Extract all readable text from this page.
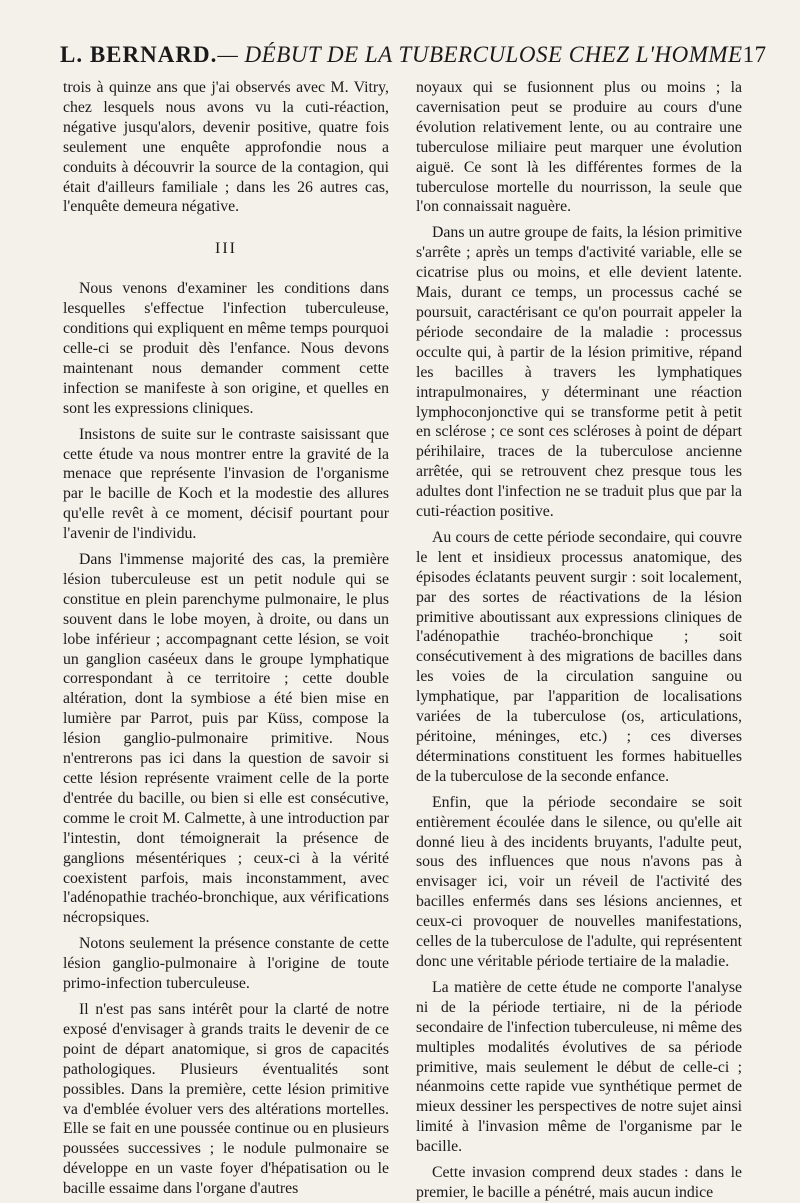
L. BERNARD. — DÉBUT DE LA TUBERCULOSE CHEZ L'HOMME 17

trois à quinze ans que j'ai observés avec M. Vitry, chez lesquels nous avons vu la cuti-réaction, négative jusqu'alors, devenir positive, quatre fois seulement une enquête approfondie nous a conduits à découvrir la source de la contagion, qui était d'ailleurs familiale ; dans les 26 autres cas, l'enquête demeura négative.

III

Nous venons d'examiner les conditions dans lesquelles s'effectue l'infection tuberculeuse, conditions qui expliquent en même temps pourquoi celle-ci se produit dès l'enfance. Nous devons maintenant nous demander comment cette infection se manifeste à son origine, et quelles en sont les expressions cliniques.

Insistons de suite sur le contraste saisissant que cette étude va nous montrer entre la gravité de la menace que représente l'invasion de l'organisme par le bacille de Koch et la modestie des allures qu'elle revêt à ce moment, décisif pourtant pour l'avenir de l'individu.

Dans l'immense majorité des cas, la première lésion tuberculeuse est un petit nodule qui se constitue en plein parenchyme pulmonaire, le plus souvent dans le lobe moyen, à droite, ou dans un lobe inférieur ; accompagnant cette lésion, se voit un ganglion caséeux dans le groupe lymphatique correspondant à ce territoire ; cette double altération, dont la symbiose a été bien mise en lumière par Parrot, puis par Küss, compose la lésion ganglio-pulmonaire primitive. Nous n'entrerons pas ici dans la question de savoir si cette lésion représente vraiment celle de la porte d'entrée du bacille, ou bien si elle est consécutive, comme le croit M. Calmette, à une introduction par l'intestin, dont témoignerait la présence de ganglions mésentériques ; ceux-ci à la vérité coexistent parfois, mais inconstamment, avec l'adénopathie trachéo-bronchique, aux vérifications nécropsiques.

Notons seulement la présence constante de cette lésion ganglio-pulmonaire à l'origine de toute primo-infection tuberculeuse.

Il n'est pas sans intérêt pour la clarté de notre exposé d'envisager à grands traits le devenir de ce point de départ anatomique, si gros de capacités pathologiques. Plusieurs éventualités sont possibles. Dans la première, cette lésion primitive va d'emblée évoluer vers des altérations mortelles. Elle se fait en une poussée continue ou en plusieurs poussées successives ; le nodule pulmonaire se développe en un vaste foyer d'hépatisation ou le bacille essaime dans l'organe d'autres

noyaux qui se fusionnent plus ou moins ; la cavernisation peut se produire au cours d'une évolution relativement lente, ou au contraire une tuberculose miliaire peut marquer une évolution aiguë. Ce sont là les différentes formes de la tuberculose mortelle du nourrisson, la seule que l'on connaissait naguère.

Dans un autre groupe de faits, la lésion primitive s'arrête ; après un temps d'activité variable, elle se cicatrise plus ou moins, et elle devient latente. Mais, durant ce temps, un processus caché se poursuit, caractérisant ce qu'on pourrait appeler la période secondaire de la maladie : processus occulte qui, à partir de la lésion primitive, répand les bacilles à travers les lymphatiques intrapulmonaires, y déterminant une réaction lymphoconjonctive qui se transforme petit à petit en sclérose ; ce sont ces scléroses à point de départ périhilaire, traces de la tuberculose ancienne arrêtée, qui se retrouvent chez presque tous les adultes dont l'infection ne se traduit plus que par la cuti-réaction positive.

Au cours de cette période secondaire, qui couvre le lent et insidieux processus anatomique, des épisodes éclatants peuvent surgir : soit localement, par des sortes de réactivations de la lésion primitive aboutissant aux expressions cliniques de l'adénopathie trachéo-bronchique ; soit consécutivement à des migrations de bacilles dans les voies de la circulation sanguine ou lymphatique, par l'apparition de localisations variées de la tuberculose (os, articulations, péritoine, méninges, etc.) ; ces diverses déterminations constituent les formes habituelles de la tuberculose de la seconde enfance.

Enfin, que la période secondaire se soit entièrement écoulée dans le silence, ou qu'elle ait donné lieu à des incidents bruyants, l'adulte peut, sous des influences que nous n'avons pas à envisager ici, voir un réveil de l'activité des bacilles enfermés dans ses lésions anciennes, et ceux-ci provoquer de nouvelles manifestations, celles de la tuberculose de l'adulte, qui représentent donc une véritable période tertiaire de la maladie.

La matière de cette étude ne comporte l'analyse ni de la période tertiaire, ni de la période secondaire de l'infection tuberculeuse, ni même des multiples modalités évolutives de sa période primitive, mais seulement le début de celle-ci ; néanmoins cette rapide vue synthétique permet de mieux dessiner les perspectives de notre sujet ainsi limité à l'invasion même de l'organisme par le bacille.

Cette invasion comprend deux stades : dans le premier, le bacille a pénétré, mais aucun indice
